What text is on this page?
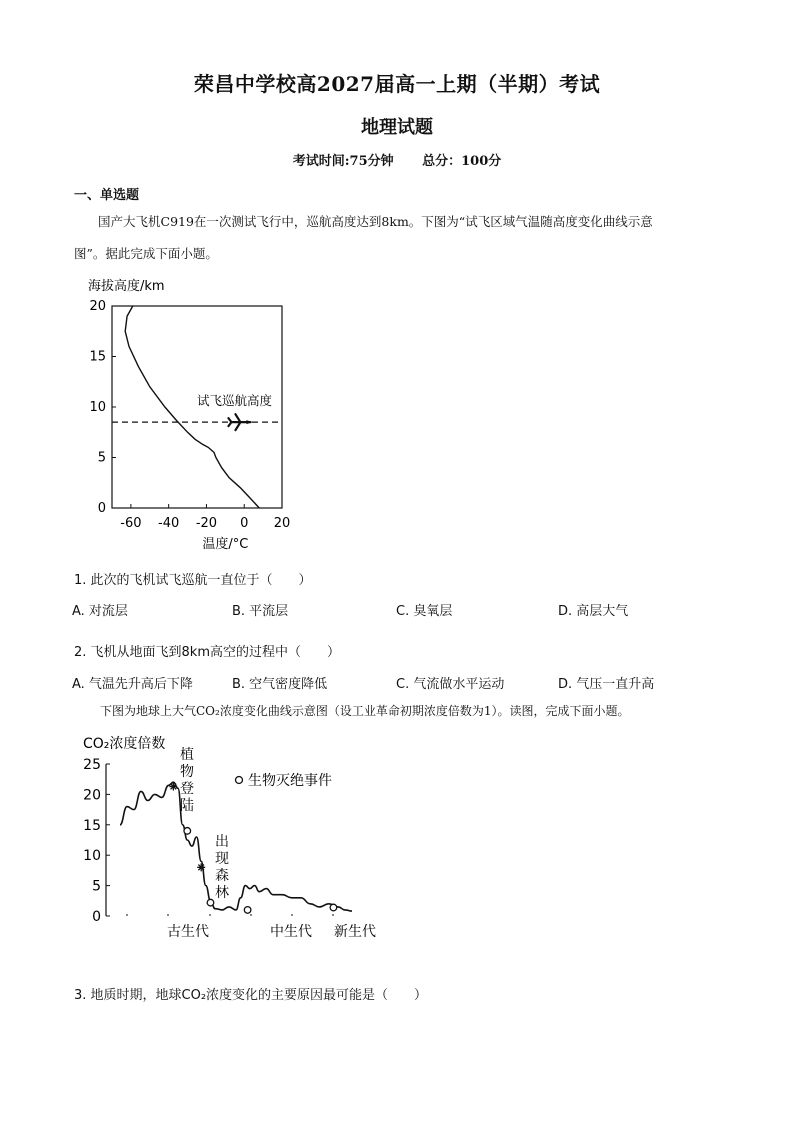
荣昌中学校高2027届高一上期（半期）考试
地理试题
考试时间:75分钟 总分：100分
一、单选题
国产大飞机C919在一次测试飞行中，巡航高度达到8km。下图为“试飞区域气温随高度变化曲线示意
图”。据此完成下面小题。
海拔高度/km
0
5
10
15
20
-60 -40 -20 0 20
试飞巡航高度
温度/°C
1. 此次的飞机试飞巡航一直位于（　　）
A. 对流层	B. 平流层	C. 臭氧层	D. 高层大气
2. 飞机从地面飞到8km高空的过程中（　　）
A. 气温先升高后下降	B. 空气密度降低	C. 气流做水平运动	D. 气压一直升高
下图为地球上大气CO₂浓度变化曲线示意图（设工业革命初期浓度倍数为1）。读图，完成下面小题。
CO₂浓度倍数
0
5
10
15
20
25
植
物
登
陆
出
现
森
林
生物灭绝事件
古生代	中生代 新生代
3. 地质时期，地球CO₂浓度变化的主要原因最可能是（　　）
